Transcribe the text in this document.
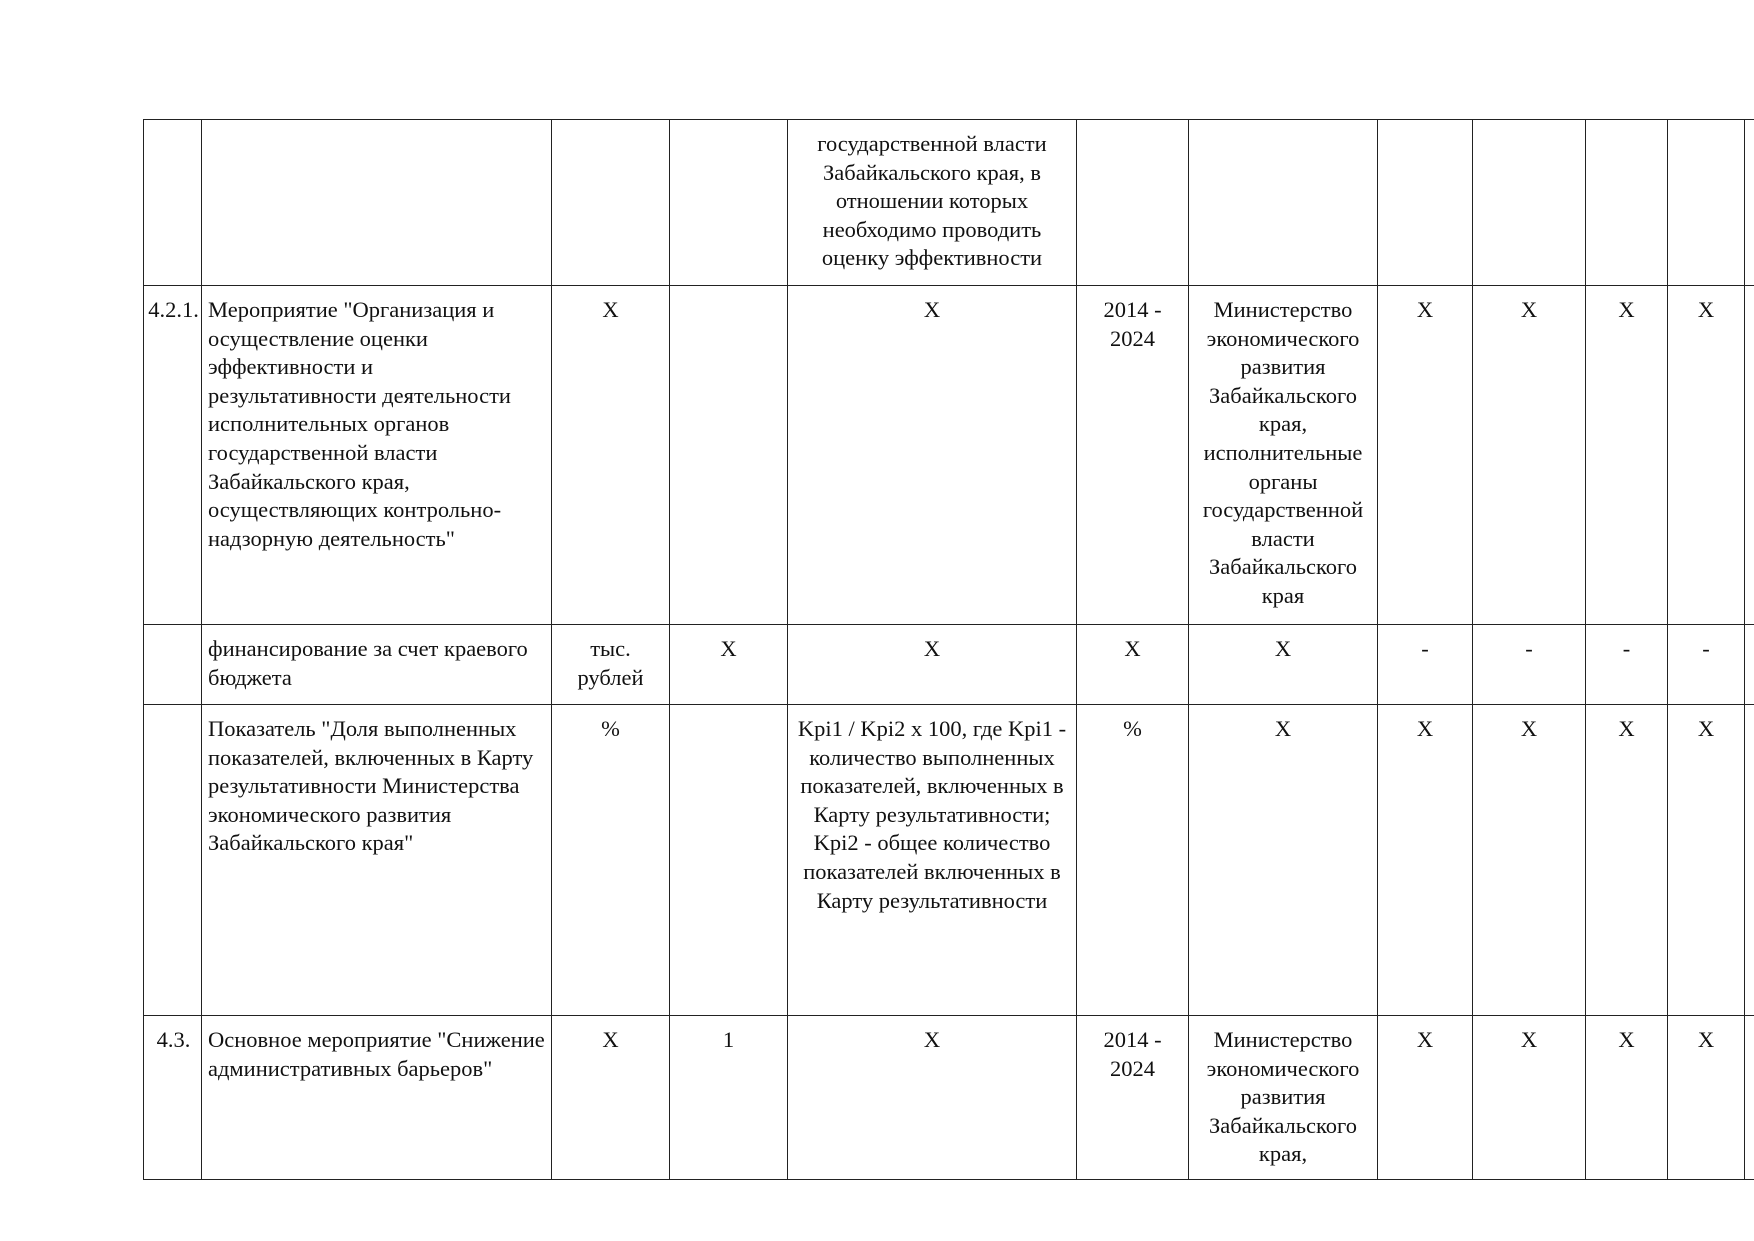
				государственной власти Забайкальского края, в отношении которых необходимо проводить оценку эффективности							
4.2.1.	Мероприятие "Организация и осуществление оценки эффективности и результативности деятельности исполнительных органов государственной власти Забайкальского края, осуществляющих контрольно-надзорную деятельность"	X		X	2014 - 2024	Министерство экономического развития Забайкальского края, исполнительные органы государственной власти Забайкальского края	X	X	X	X	
	финансирование за счет краевого бюджета	тыс. рублей	X	X	X	X	-	-	-	-	
	Показатель "Доля выполненных показателей, включенных в Карту результативности Министерства экономического развития Забайкальского края"	%		Kpi1 / Kpi2 x 100, где Kpi1 - количество выполненных показателей, включенных в Карту результативности; Kpi2 - общее количество показателей включенных в Карту результативности	%	X	X	X	X	X	
4.3.	Основное мероприятие "Снижение административных барьеров"	X	1	X	2014 - 2024	Министерство экономического развития Забайкальского края,	X	X	X	X	
